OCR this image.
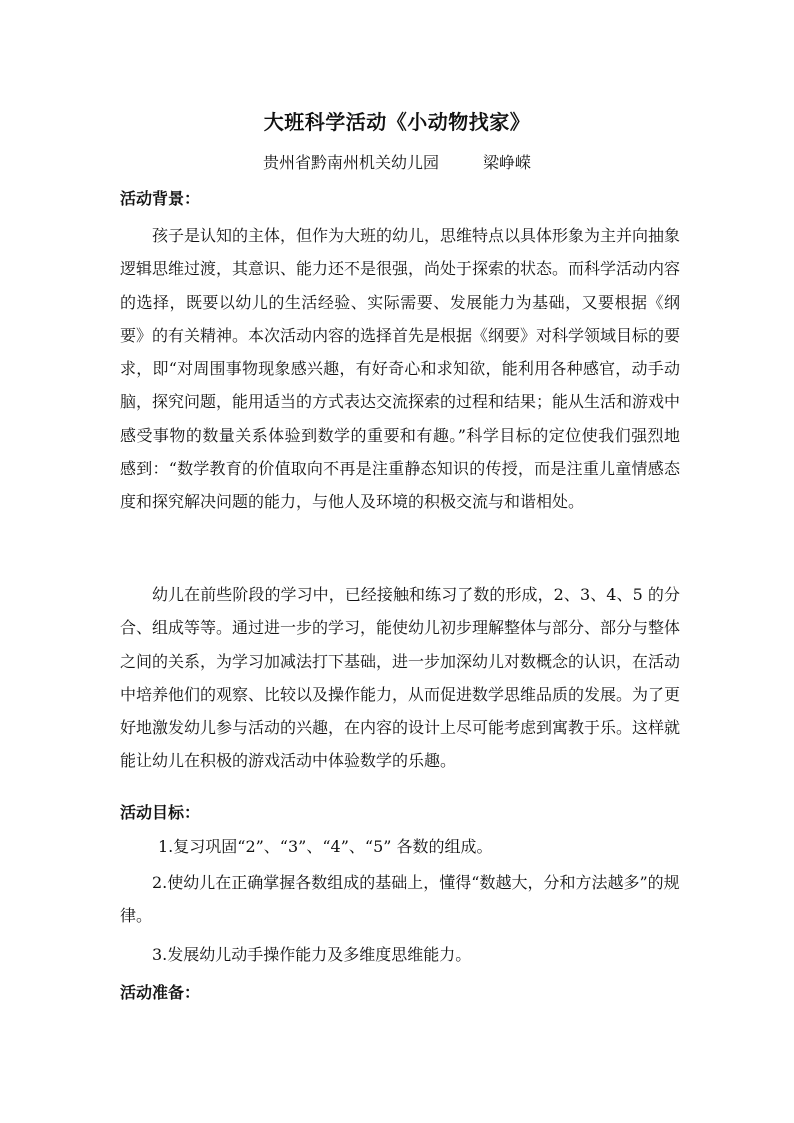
大班科学活动《小动物找家》
贵州省黔南州机关幼儿园	梁峥嵘
活动背景：

孩子是认知的主体，但作为大班的幼儿，思维特点以具体形象为主并向抽象逻辑思维过渡，其意识、能力还不是很强，尚处于探索的状态。而科学活动内容的选择，既要以幼儿的生活经验、实际需要、发展能力为基础，又要根据《纲要》的有关精神。本次活动内容的选择首先是根据《纲要》对科学领域目标的要求，即“对周围事物现象感兴趣，有好奇心和求知欲，能利用各种感官，动手动脑，探究问题，能用适当的方式表达交流探索的过程和结果；能从生活和游戏中感受事物的数量关系体验到数学的重要和有趣。”科学目标的定位使我们强烈地感到：“数学教育的价值取向不再是注重静态知识的传授，而是注重儿童情感态度和探究解决问题的能力，与他人及环境的积极交流与和谐相处。

幼儿在前些阶段的学习中，已经接触和练习了数的形成，2、3、4、5 的分合、组成等等。通过进一步的学习，能使幼儿初步理解整体与部分、部分与整体之间的关系，为学习加减法打下基础，进一步加深幼儿对数概念的认识，在活动中培养他们的观察、比较以及操作能力，从而促进数学思维品质的发展。为了更好地激发幼儿参与活动的兴趣，在内容的设计上尽可能考虑到寓教于乐。这样就能让幼儿在积极的游戏活动中体验数学的乐趣。

活动目标：

1.复习巩固“2”、“3”、“4”、“5” 各数的组成。

2.使幼儿在正确掌握各数组成的基础上，懂得“数越大，分和方法越多”的规律。

3.发展幼儿动手操作能力及多维度思维能力。

活动准备：
